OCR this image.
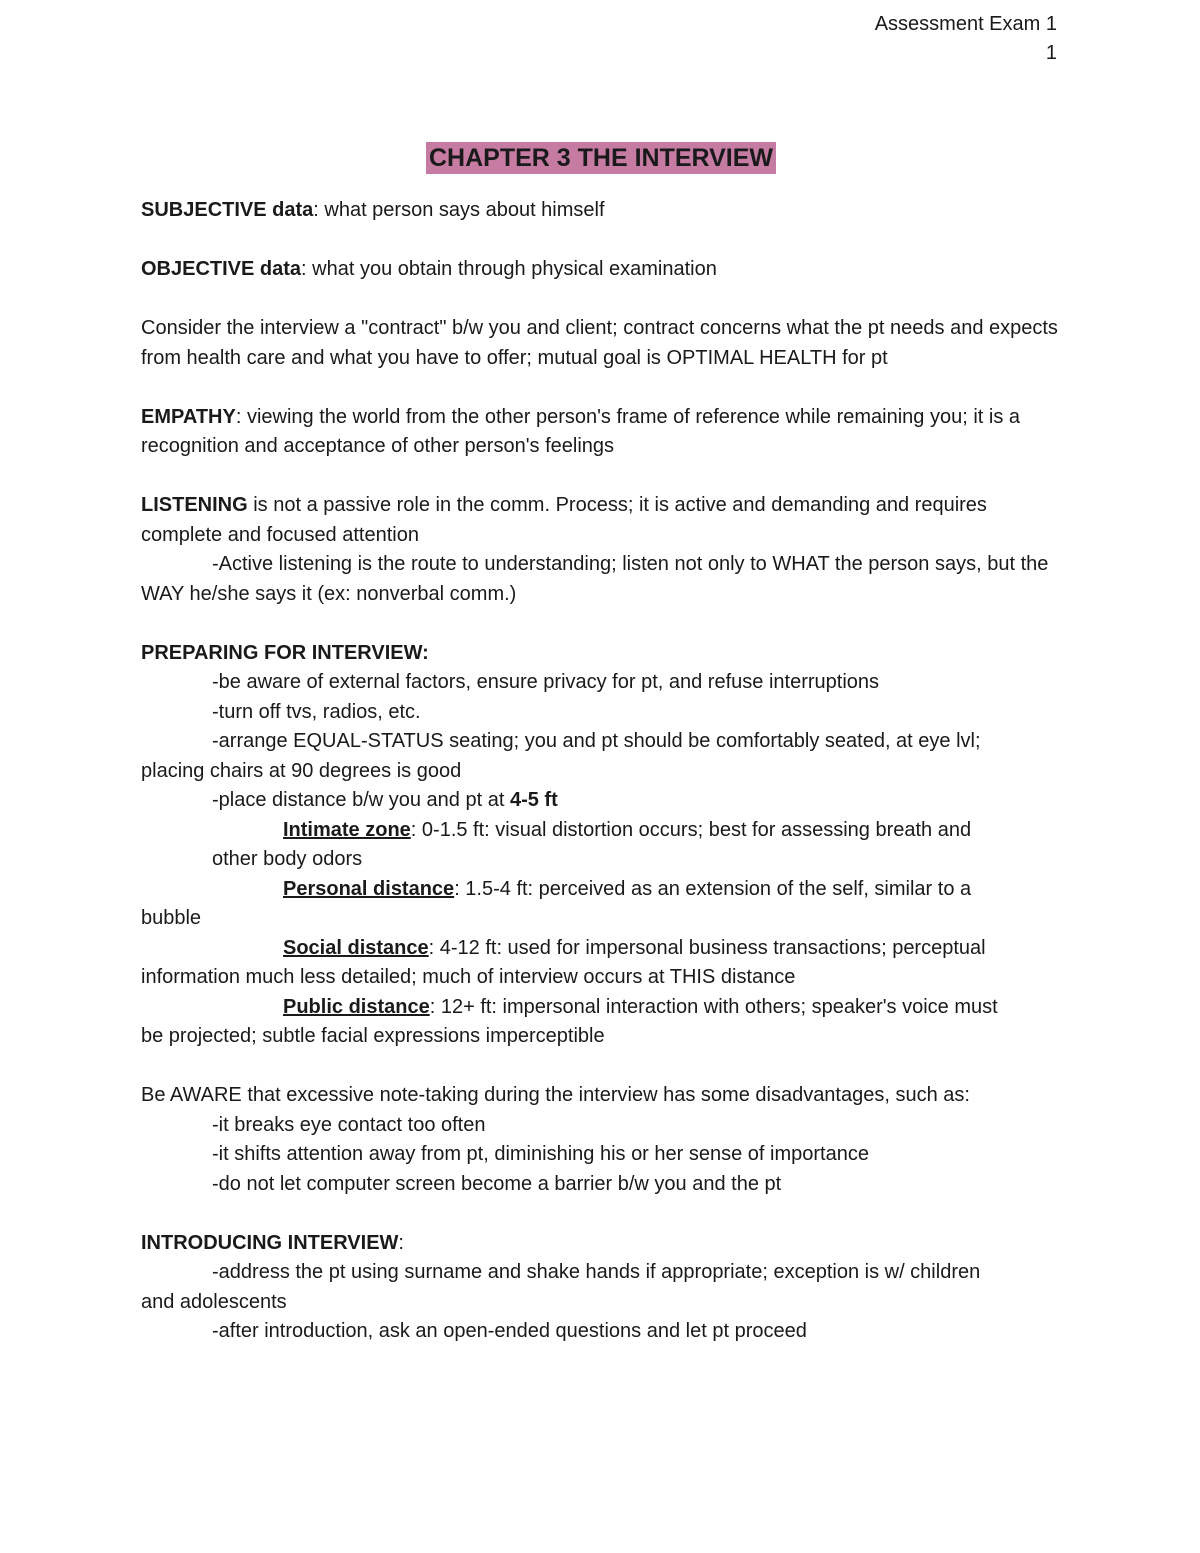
Assessment Exam 1
1
CHAPTER 3 THE INTERVIEW

SUBJECTIVE data: what person says about himself

OBJECTIVE data: what you obtain through physical examination

Consider the interview a "contract" b/w you and client; contract concerns what the pt needs and expects from health care and what you have to offer; mutual goal is OPTIMAL HEALTH for pt

EMPATHY: viewing the world from the other person's frame of reference while remaining you; it is a recognition and acceptance of other person's feelings

LISTENING is not a passive role in the comm. Process; it is active and demanding and requires complete and focused attention

-Active listening is the route to understanding; listen not only to WHAT the person says, but the WAY he/she says it (ex: nonverbal comm.)

PREPARING FOR INTERVIEW:

-be aware of external factors, ensure privacy for pt, and refuse interruptions

-turn off tvs, radios, etc.

-arrange EQUAL-STATUS seating; you and pt should be comfortably seated, at eye lvl;

placing chairs at 90 degrees is good

-place distance b/w you and pt at 4-5 ft

Intimate zone: 0-1.5 ft: visual distortion occurs; best for assessing breath and

other body odors

Personal distance: 1.5-4 ft: perceived as an extension of the self, similar to a

bubble

Social distance: 4-12 ft: used for impersonal business transactions; perceptual

information much less detailed; much of interview occurs at THIS distance

Public distance: 12+ ft: impersonal interaction with others; speaker's voice must

be projected; subtle facial expressions imperceptible

Be AWARE that excessive note-taking during the interview has some disadvantages, such as:

-it breaks eye contact too often

-it shifts attention away from pt, diminishing his or her sense of importance

-do not let computer screen become a barrier b/w you and the pt

INTRODUCING INTERVIEW:

-address the pt using surname and shake hands if appropriate; exception is w/ children

and adolescents

-after introduction, ask an open-ended questions and let pt proceed
